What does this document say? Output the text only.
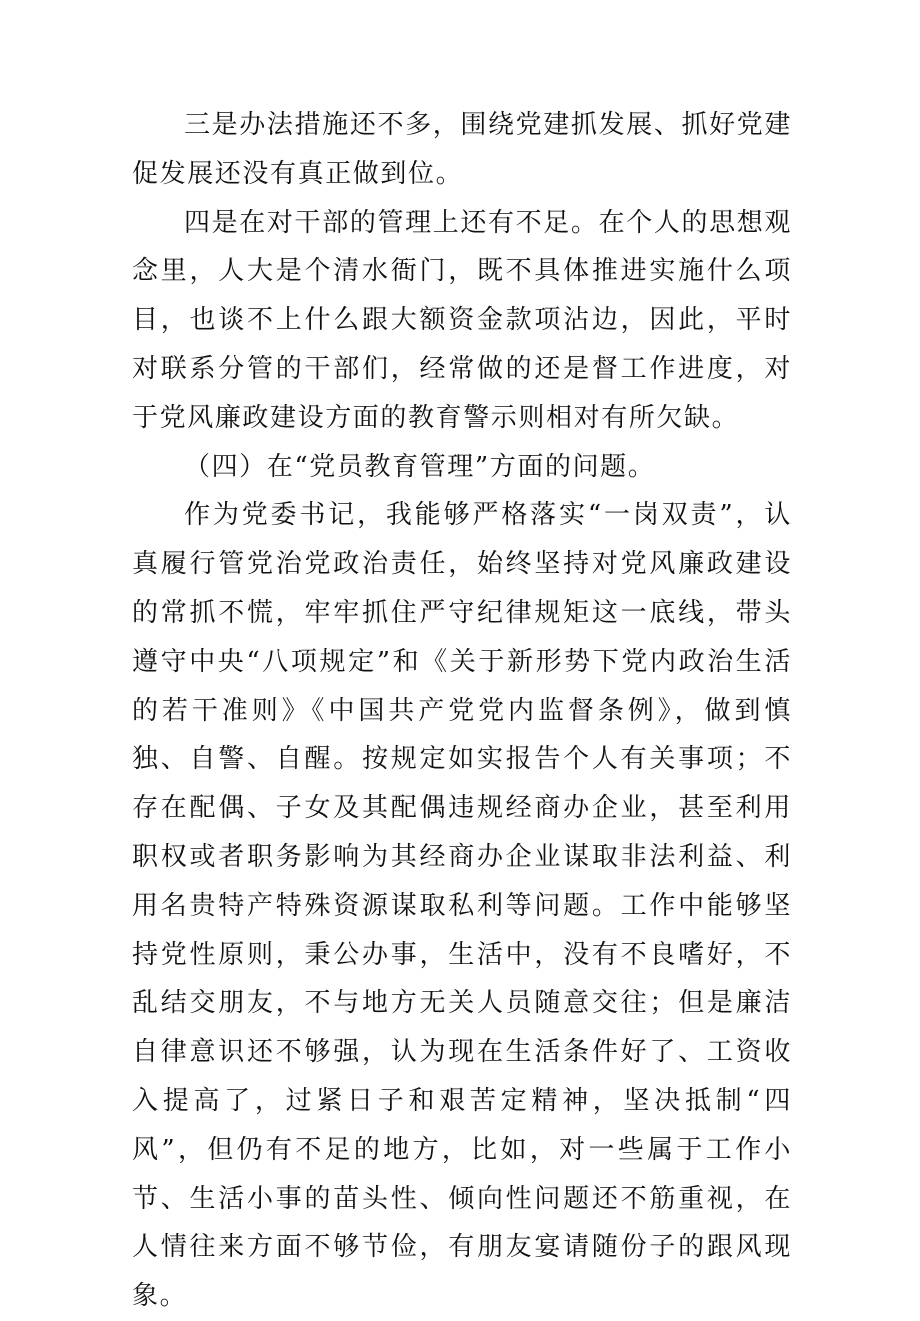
三是办法措施还不多，围绕党建抓发展、抓好党建促发展还没有真正做到位。

四是在对干部的管理上还有不足。在个人的思想观念里，人大是个清水衙门，既不具体推进实施什么项目，也谈不上什么跟大额资金款项沾边，因此，平时对联系分管的干部们，经常做的还是督工作进度，对于党风廉政建设方面的教育警示则相对有所欠缺。

（四）在“党员教育管理”方面的问题。

作为党委书记，我能够严格落实“一岗双责”，认真履行管党治党政治责任，始终坚持对党风廉政建设的常抓不慌，牢牢抓住严守纪律规矩这一底线，带头遵守中央“八项规定”和《关于新形势下党内政治生活的若干准则》《中国共产党党内监督条例》，做到慎独、自警、自醒。按规定如实报告个人有关事项；不存在配偶、子女及其配偶违规经商办企业，甚至利用职权或者职务影响为其经商办企业谋取非法利益、利用名贵特产特殊资源谋取私利等问题。工作中能够坚持党性原则，秉公办事，生活中，没有不良嗜好，不乱结交朋友，不与地方无关人员随意交往；但是廉洁自律意识还不够强，认为现在生活条件好了、工资收入提高了，过紧日子和艰苦定精神，坚决抵制“四风”，但仍有不足的地方，比如，对一些属于工作小节、生活小事的苗头性、倾向性问题还不筋重视，在人情往来方面不够节俭，有朋友宴请随份子的跟风现象。
